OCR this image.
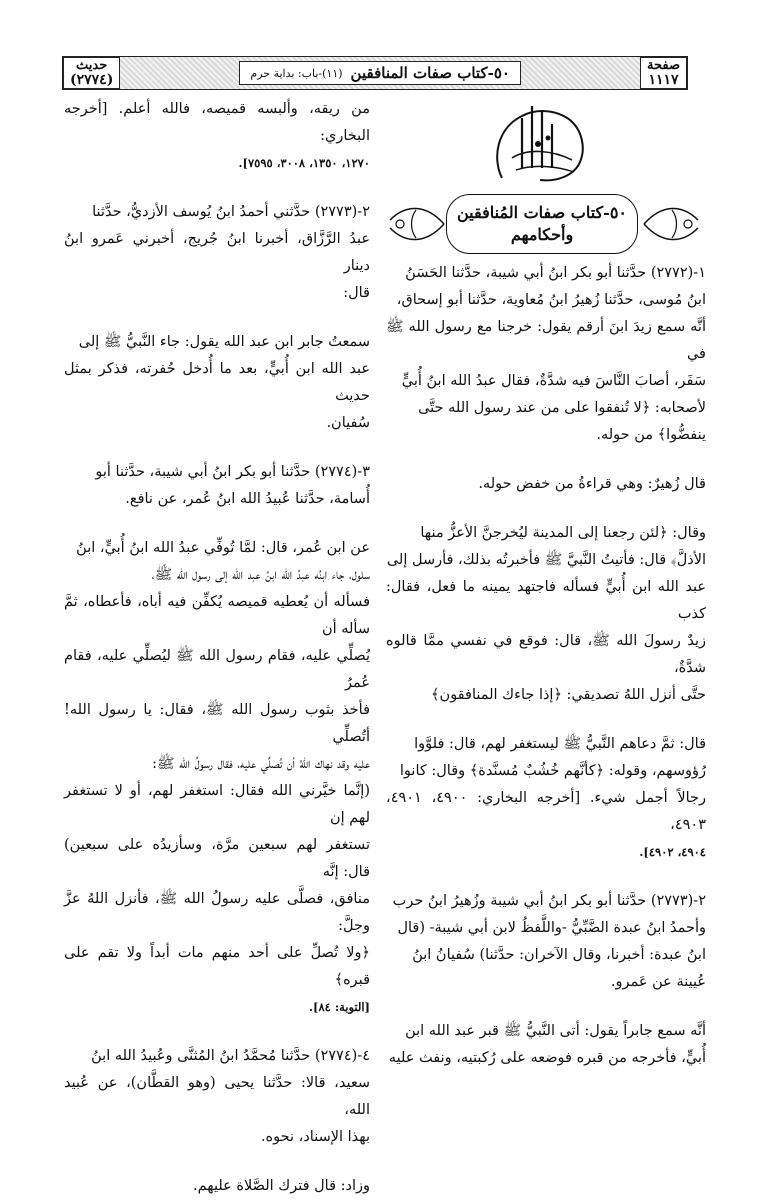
حديث
(٢٧٧٤)	٥٠-كتاب صفات المنافقين
(١١)-باب: بداية حرم	صفحة
١١١٧
٥٠-كتاب صفات المُنافقين
وأحكامهم

١-(٢٧٧٢) حدَّثنا أبو بكر ابنُ أبي شيبة، حدَّثنا الحَسَنُ

ابنُ مُوسى، حدَّثنا زُهيرُ ابنُ مُعاوية، حدَّثنا أبو إسحاق،

أنَّه سمع زيدَ ابنَ أرقم يقول: خرجنا مع رسول الله ﷺ في

سَفَر، أصابَ النَّاسَ فيه شدَّةٌ، فقال عبدُ الله ابنُ أُبيٍّ

لأصحابه: ﴿لا تُنفقوا على من عند رسول الله حتَّى

ينفضُّوا﴾ من حوله.

قال زُهيرٌ: وهي قراءةُ من خفض حوله.

وقال: ﴿لئن رجعنا إلى المدينة ليُخرجنَّ الأعزُّ منها

الأذلَّ﴾ قال: فأتيتُ النَّبيَّ ﷺ فأخبرتُه بذلك، فأرسل إلى

عبد الله ابن أُبيٍّ فسأله فاجتهد يمينه ما فعل، فقال: كذب

زيدٌ رسولَ الله ﷺ، قال: فوقع في نفسي ممَّا قالوه شدَّةٌ،

حتَّى أنزل اللهُ تصديقي: ﴿إذا جاءك المنافقون﴾

قال: ثمَّ دعاهم النَّبيُّ ﷺ ليستغفر لهم، قال: فلوَّوا

رُؤوسهم، وقوله: ﴿كأنَّهم خُشُبٌ مُسنَّدة﴾ وقال: كانوا

رجالاً أجمل شيء. [أخرجه البخاري: ٤٩٠٠، ٤٩٠١، ٤٩٠٣،

٤٩٠٤، ٤٩٠٢].

٢-(٢٧٧٣) حدَّثنا أبو بكر ابنُ أبي شيبة وزُهيرُ ابنُ حرب

وأحمدُ ابنُ عبدة الضَّبِّيُّ -واللَّفظُ لابن أبي شيبة- (قال

ابنُ عبدة: أخبرنا، وقال الآخران: حدَّثنا) سُفيانُ ابنُ

عُيينة عن عَمرو.

أنَّه سمع جابراً يقول: أتى النَّبيُّ ﷺ قبر عبد الله ابن

أُبيٍّ، فأخرجه من قبره فوضعه على رُكبتيه، ونفث عليه

من ريقه، وألبسه قميصه، فالله أعلم. [أخرجه البخاري:

١٢٧٠، ١٣٥٠، ٣٠٠٨، ٧٥٩٥].

٢-(٢٧٧٣) حدَّثني أحمدُ ابنُ يُوسف الأزديُّ، حدَّثنا

عبدُ الرَّزَّاق، أخبرنا ابنُ جُريج، أخبرني عَمرو ابنُ دينار

قال:

سمعتُ جابر ابن عبد الله يقول: جاء النَّبيُّ ﷺ إلى

عبد الله ابن أُبيٍّ، بعد ما أُدخل حُفرته، فذكر بمثل حديث

سُفيان.

٣-(٢٧٧٤) حدَّثنا أبو بكر ابنُ أبي شيبة، حدَّثنا أبو

أُسامة، حدَّثنا عُبيدُ الله ابنُ عُمر، عن نافع.

عن ابن عُمر، قال: لمَّا تُوفِّي عبدُ الله ابنُ أُبيٍّ، ابنُ

سلول، جاء ابنُه عبدُ الله ابنُ عبد الله إلى رسول الله ﷺ،

فسأله أن يُعطيه قميصه يُكفِّن فيه أباه، فأعطاه، ثمَّ سأله أن

يُصلِّي عليه، فقام رسول الله ﷺ ليُصلِّي عليه، فقام عُمرُ

فأخذ بثوب رسول الله ﷺ، فقال: يا رسول الله! أتُصلِّي

عليه وقد نهاك اللهُ أن تُصلِّي عليه، فقال رسولُ الله ﷺ:

(إنَّما خيَّرني الله فقال: استغفر لهم، أو لا تستغفر لهم إن

تستغفر لهم سبعين مرَّة، وسأزيدُه على سبعين) قال: إنَّه

منافق، فصلَّى عليه رسولُ الله ﷺ، فأنزل اللهُ عزَّ وجلَّ:

﴿ولا تُصلِّ على أحد منهم مات أبداً ولا تقم على قبره﴾

[التوبة: ٨٤].

٤-(٢٧٧٤) حدَّثنا مُحمَّدُ ابنُ المُثنَّى وعُبيدُ الله ابنُ

سعيد، قالا: حدَّثنا يحيى (وهو القطَّان)، عن عُبيد الله،

بهذا الإسناد، نحوه.

وزاد: قال فترك الصَّلاة عليهم.
